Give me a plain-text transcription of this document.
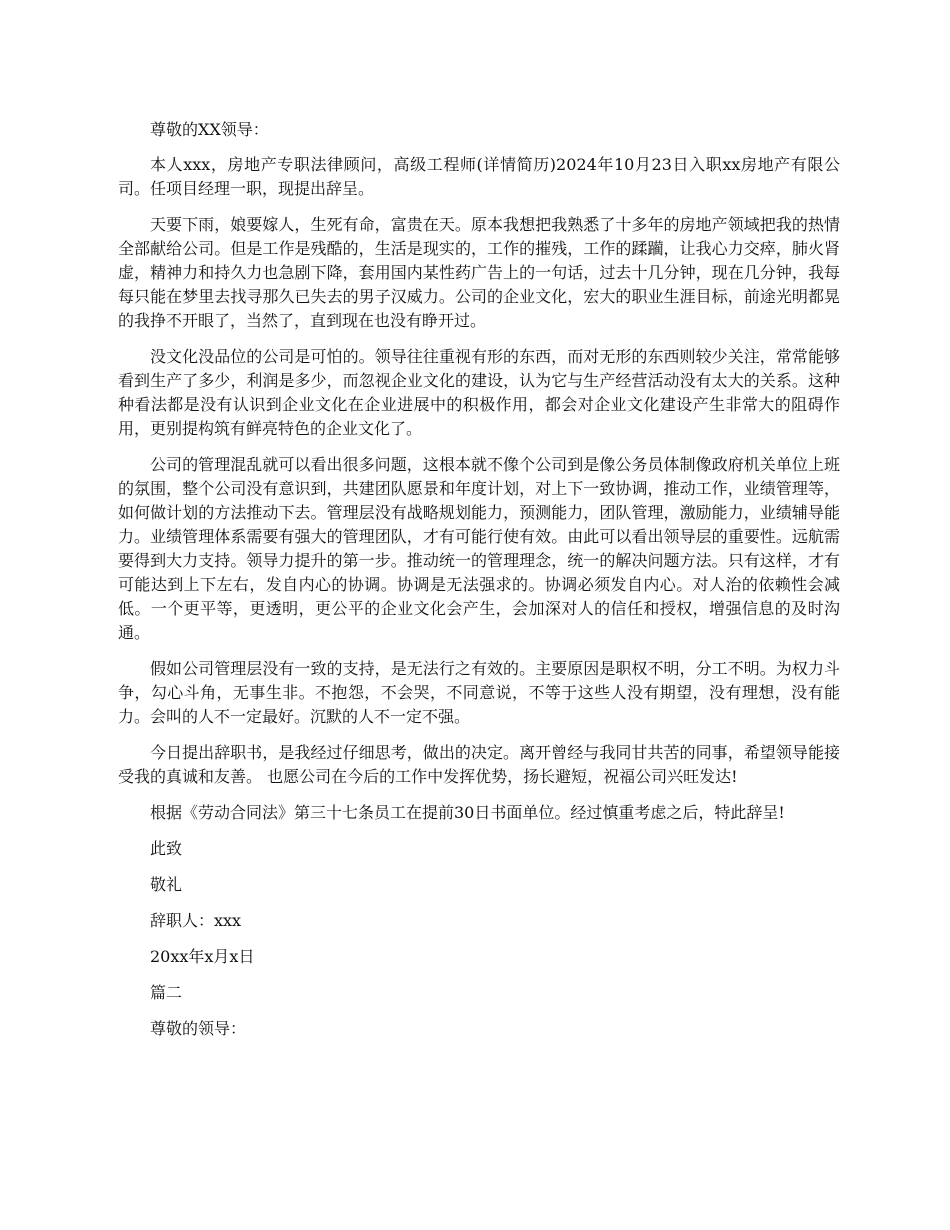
尊敬的XX领导：

本人xxx，房地产专职法律顾问，高级工程师(详情简历)2024年10月23日入职xx房地产有限公司。任项目经理一职，现提出辞呈。

天要下雨，娘要嫁人，生死有命，富贵在天。原本我想把我熟悉了十多年的房地产领域把我的热情全部献给公司。但是工作是残酷的，生活是现实的，工作的摧残，工作的蹂躏，让我心力交瘁，肺火肾虚，精神力和持久力也急剧下降，套用国内某性药广告上的一句话，过去十几分钟，现在几分钟，我每每只能在梦里去找寻那久已失去的男子汉威力。公司的企业文化，宏大的职业生涯目标，前途光明都晃的我挣不开眼了，当然了，直到现在也没有睁开过。

没文化没品位的公司是可怕的。领导往往重视有形的东西，而对无形的东西则较少关注，常常能够看到生产了多少，利润是多少，而忽视企业文化的建设，认为它与生产经营活动没有太大的关系。这种种看法都是没有认识到企业文化在企业进展中的积极作用，都会对企业文化建设产生非常大的阻碍作用，更别提构筑有鲜亮特色的企业文化了。

公司的管理混乱就可以看出很多问题，这根本就不像个公司到是像公务员体制像政府机关单位上班的氛围，整个公司没有意识到，共建团队愿景和年度计划，对上下一致协调，推动工作，业绩管理等，如何做计划的方法推动下去。管理层没有战略规划能力，预测能力，团队管理，激励能力，业绩辅导能力。业绩管理体系需要有强大的管理团队，才有可能行使有效。由此可以看出领导层的重要性。远航需要得到大力支持。领导力提升的第一步。推动统一的管理理念，统一的解决问题方法。只有这样，才有可能达到上下左右，发自内心的协调。协调是无法强求的。协调必须发自内心。对人治的依赖性会减低。一个更平等，更透明，更公平的企业文化会产生，会加深对人的信任和授权，增强信息的及时沟通。

假如公司管理层没有一致的支持，是无法行之有效的。主要原因是职权不明，分工不明。为权力斗争，勾心斗角，无事生非。不抱怨，不会哭，不同意说，不等于这些人没有期望，没有理想，没有能力。会叫的人不一定最好。沉默的人不一定不强。

今日提出辞职书，是我经过仔细思考，做出的决定。离开曾经与我同甘共苦的同事，希望领导能接受我的真诚和友善。 也愿公司在今后的工作中发挥优势，扬长避短，祝福公司兴旺发达!

根据《劳动合同法》第三十七条员工在提前30日书面单位。经过慎重考虑之后，特此辞呈!

此致

敬礼

辞职人：xxx

20xx年x月x日

篇二

尊敬的领导：
